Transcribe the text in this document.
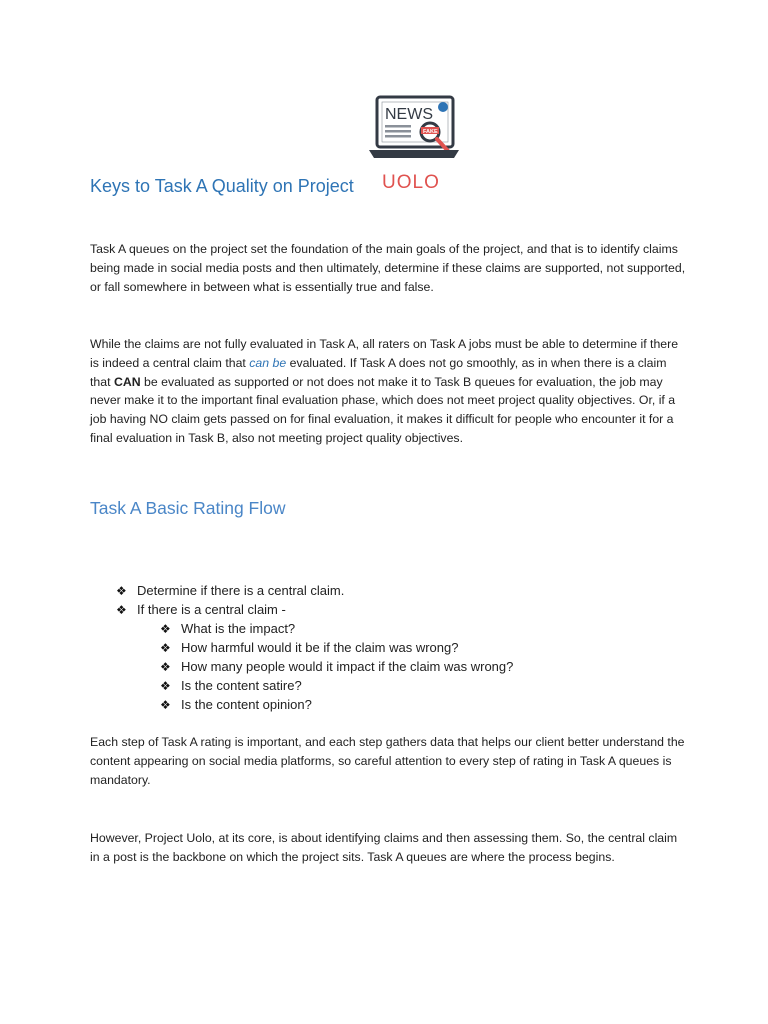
NEWS
FAKE
UOLO
Keys to Task A Quality on Project

Task A queues on the project set the foundation of the main goals of the project, and that is to identify claims being made in social media posts and then ultimately, determine if these claims are supported, not supported, or fall somewhere in between what is essentially true and false.

While the claims are not fully evaluated in Task A, all raters on Task A jobs must be able to determine if there is indeed a central claim that can be evaluated. If Task A does not go smoothly, as in when there is a claim that CAN be evaluated as supported or not does not make it to Task B queues for evaluation, the job may never make it to the important final evaluation phase, which does not meet project quality objectives. Or, if a job having NO claim gets passed on for final evaluation, it makes it difficult for people who encounter it for a final evaluation in Task B, also not meeting project quality objectives.

Task A Basic Rating Flow
❖ Determine if there is a central claim.
❖ If there is a central claim -
❖ What is the impact?
❖ How harmful would it be if the claim was wrong?
❖ How many people would it impact if the claim was wrong?
❖ Is the content satire?
❖ Is the content opinion?

Each step of Task A rating is important, and each step gathers data that helps our client better understand the content appearing on social media platforms, so careful attention to every step of rating in Task A queues is mandatory.

However, Project Uolo, at its core, is about identifying claims and then assessing them. So, the central claim in a post is the backbone on which the project sits. Task A queues are where the process begins.
